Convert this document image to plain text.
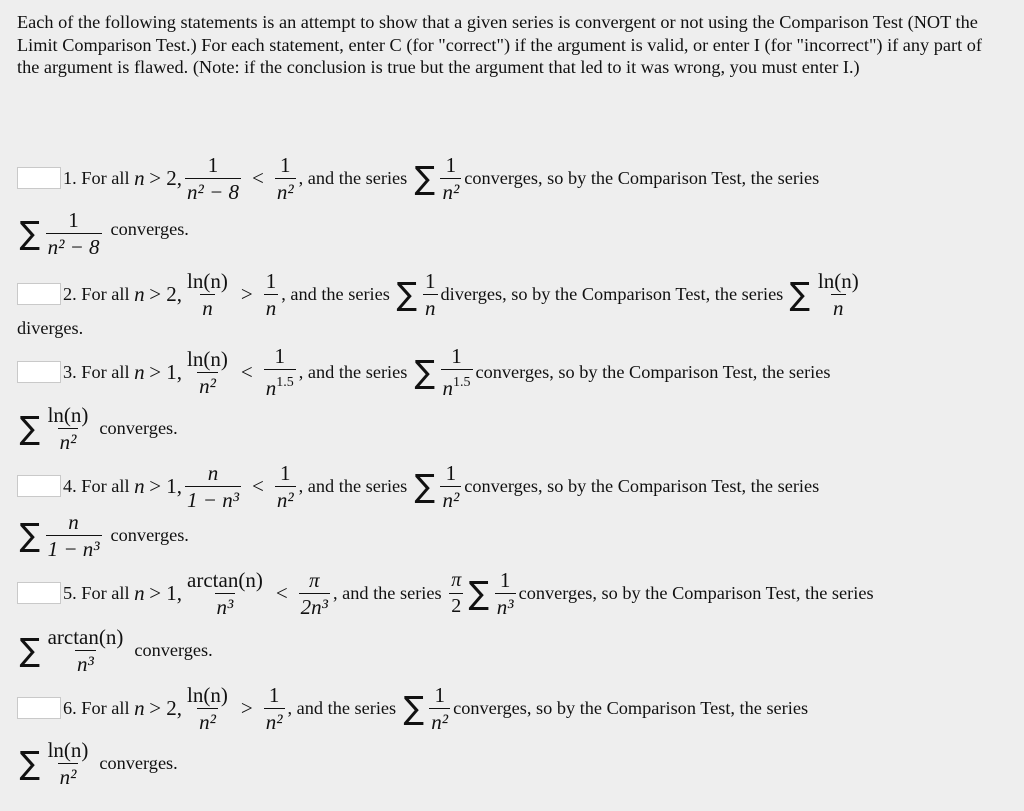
Each of the following statements is an attempt to show that a given series is convergent or not using the Comparison Test (NOT the Limit Comparison Test.) For each statement, enter C (for "correct") if the argument is valid, or enter I (for "incorrect") if any part of the argument is flawed. (Note: if the conclusion is true but the argument that led to it was wrong, you must enter I.)

1.
For all
n
> 2 , $\frac{1}{\text{n² − 8}} < \frac{1}{\text{n²}}$ , and the series
∑ $\frac{1}{\text{n²}}$ converges, so by the Comparison Test, the series
∑ $\frac{1}{\text{n² − 8}}$ converges.
2.
For all
n
> 2 , $\frac{\ln(n)}{n} > \frac{1}{n}$ , and the series
∑ $\frac{1}{n}$ diverges, so by the Comparison Test, the series ∑ $\frac{\ln(n)}{n}$
diverges.
3.
For all
n
> 1 , $\frac{\ln(n)}{\text{n²}} < \frac{1}{n^{1.5}}$ , and the series
∑ $\frac{1}{n^{1.5}}$ converges, so by the Comparison Test, the series
∑ $\frac{\ln(n)}{\text{n²}}$ converges.
4.
For all
n
> 1 , $\frac{n}{\text{1 − n³}} < \frac{1}{\text{n²}}$ , and the series
∑ $\frac{1}{\text{n²}}$ converges, so by the Comparison Test, the series
∑ $\frac{n}{\text{1 − n³}}$ converges.
5.
For all
n
> 1 , $\frac{\arctan(n)}{\text{n³}} < \frac{\pi}{\text{2n³}}$ , and the series
$\frac{\pi}{2}$ ∑ $\frac{1}{\text{n³}}$ converges, so by the Comparison Test, the series
∑ $\frac{\arctan(n)}{\text{n³}}$ converges.
6.
For all
n
> 2 , $\frac{\ln(n)}{\text{n²}} > \frac{1}{\text{n²}}$ , and the series
∑ $\frac{1}{\text{n²}}$ converges, so by the Comparison Test, the series
∑ $\frac{\ln(n)}{\text{n²}}$ converges.
